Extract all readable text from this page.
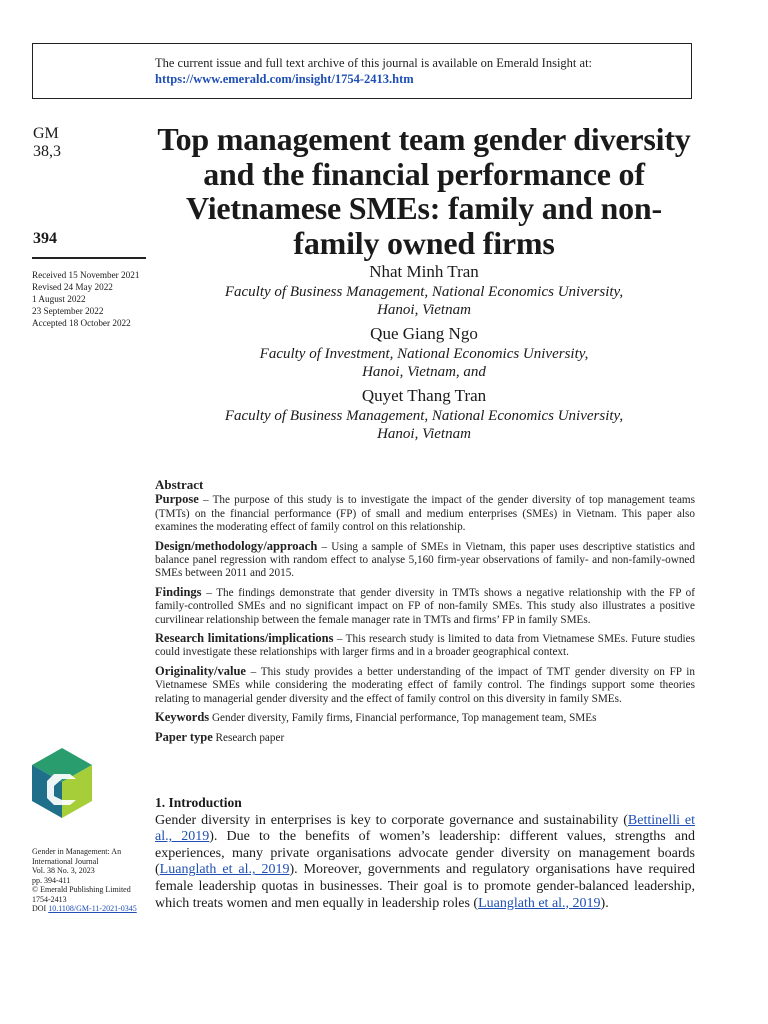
The current issue and full text archive of this journal is available on Emerald Insight at:
https://www.emerald.com/insight/1754-2413.htm
GM
38,3
394
Received 15 November 2021
Revised 24 May 2022
1 August 2022
23 September 2022
Accepted 18 October 2022
Gender in Management: An
International Journal
Vol. 38 No. 3, 2023
pp. 394-411
© Emerald Publishing Limited
1754-2413
DOI 10.1108/GM-11-2021-0345
Top management team gender diversity and the financial performance of Vietnamese SMEs: family and non-family owned firms
Nhat Minh Tran
Faculty of Business Management, National Economics University,
Hanoi, Vietnam
Que Giang Ngo
Faculty of Investment, National Economics University,
Hanoi, Vietnam, and
Quyet Thang Tran
Faculty of Business Management, National Economics University,
Hanoi, Vietnam
Abstract

Purpose – The purpose of this study is to investigate the impact of the gender diversity of top management teams (TMTs) on the financial performance (FP) of small and medium enterprises (SMEs) in Vietnam. This paper also examines the moderating effect of family control on this relationship.

Design/methodology/approach – Using a sample of SMEs in Vietnam, this paper uses descriptive statistics and balance panel regression with random effect to analyse 5,160 firm-year observations of family- and non-family-owned SMEs between 2011 and 2015.

Findings – The findings demonstrate that gender diversity in TMTs shows a negative relationship with the FP of family-controlled SMEs and no significant impact on FP of non-family SMEs. This study also illustrates a positive curvilinear relationship between the female manager rate in TMTs and firms’ FP in family SMEs.

Research limitations/implications – This research study is limited to data from Vietnamese SMEs. Future studies could investigate these relationships with larger firms and in a broader geographical context.

Originality/value – This study provides a better understanding of the impact of TMT gender diversity on FP in Vietnamese SMEs while considering the moderating effect of family control. The findings support some theories relating to managerial gender diversity and the effect of family control on this diversity in family SMEs.

Keywords Gender diversity, Family firms, Financial performance, Top management team, SMEs

Paper type Research paper

1. Introduction

Gender diversity in enterprises is key to corporate governance and sustainability (Bettinelli et al., 2019). Due to the benefits of women’s leadership: different values, strengths and experiences, many private organisations advocate gender diversity on management boards (Luanglath et al., 2019). Moreover, governments and regulatory organisations have required female leadership quotas in businesses. Their goal is to promote gender-balanced leadership, which treats women and men equally in leadership roles (Luanglath et al., 2019).
